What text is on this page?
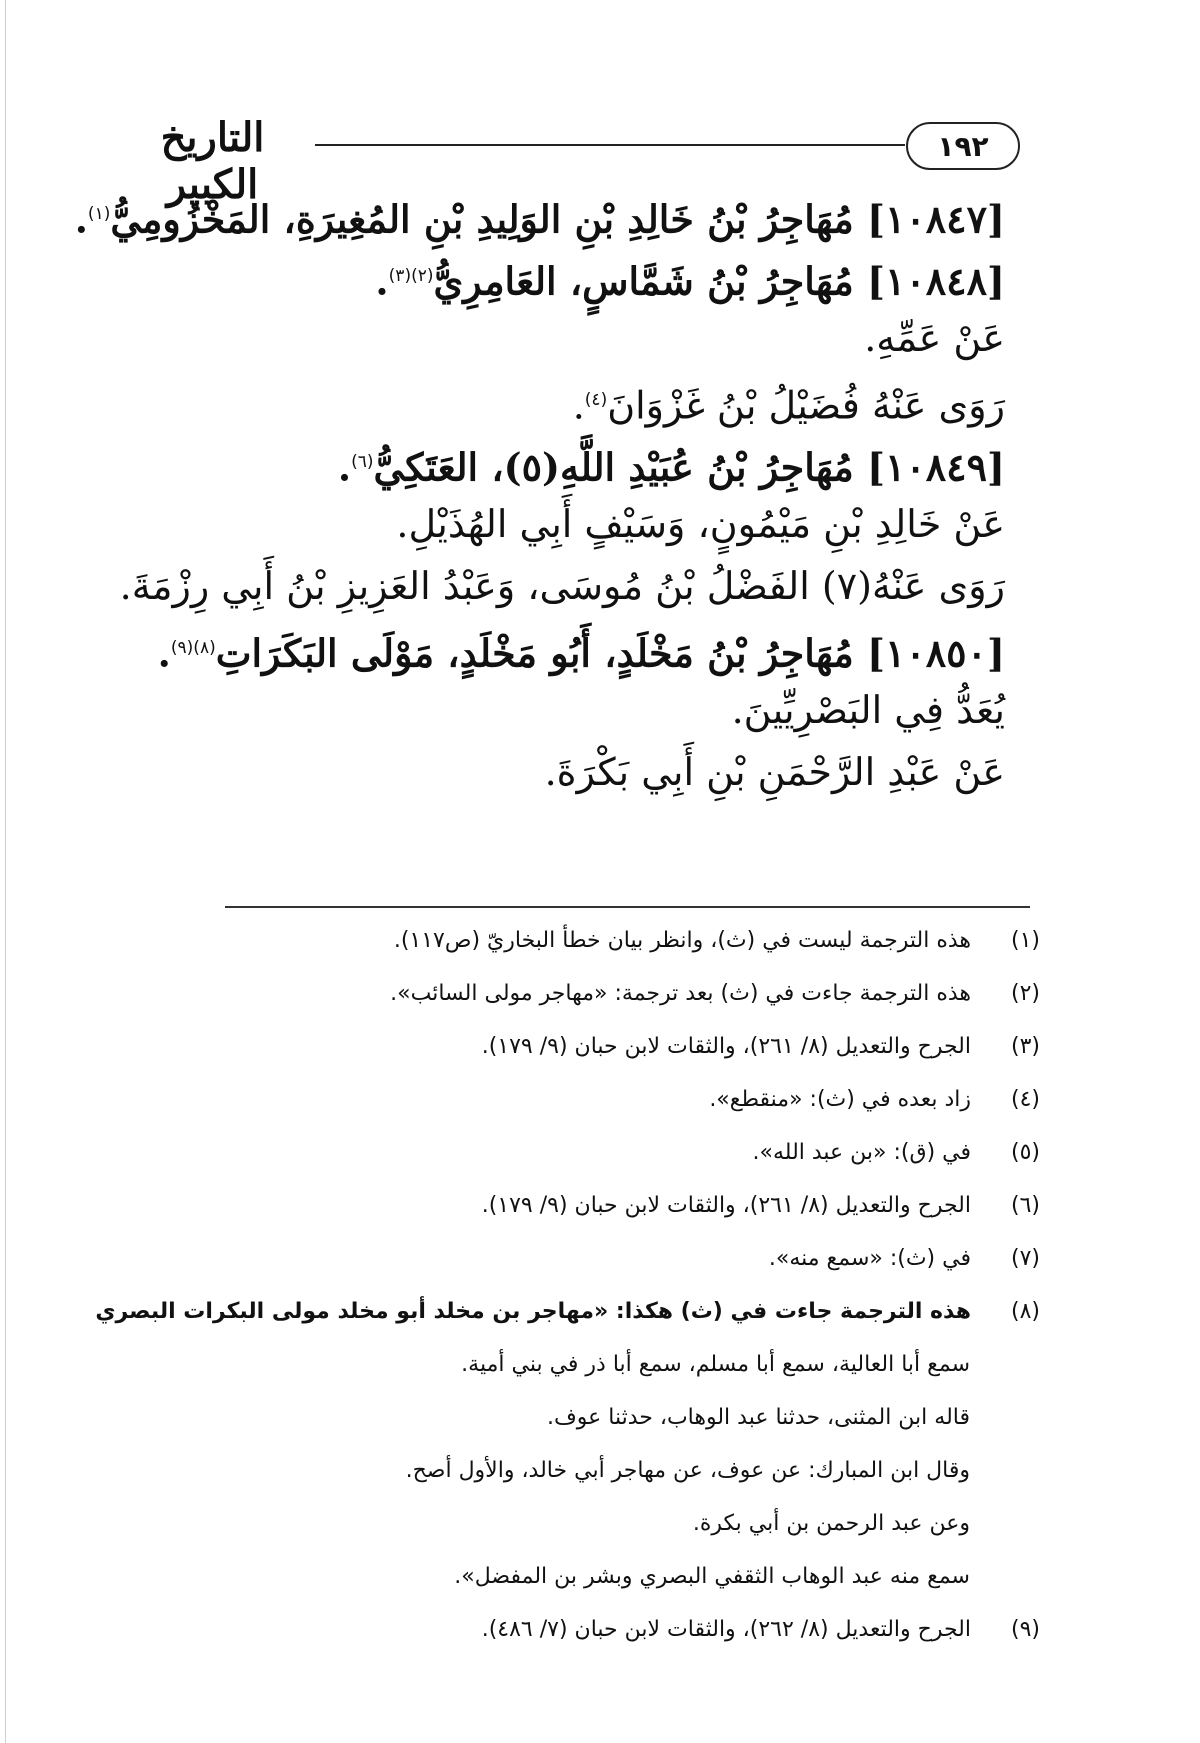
١٩٢
التاريخ الكبير
[١٠٨٤٧] مُهَاجِرُ بْنُ خَالِدِ بْنِ الوَلِيدِ بْنِ المُغِيرَةِ، المَخْزُومِيُّ$^{(١)}$.
[١٠٨٤٨] مُهَاجِرُ بْنُ شَمَّاسٍ، العَامِرِيُّ$^{(٢)(٣)}$.
عَنْ عَمِّهِ.
رَوَى عَنْهُ فُضَيْلُ بْنُ غَزْوَانَ$^{(٤)}$.
[١٠٨٤٩] مُهَاجِرُ بْنُ عُبَيْدِ اللَّهِ(٥)، العَتَكِيُّ$^{(٦)}$.
عَنْ خَالِدِ بْنِ مَيْمُونٍ، وَسَيْفٍ أَبِي الهُذَيْلِ.
رَوَى عَنْهُ(٧) الفَضْلُ بْنُ مُوسَى، وَعَبْدُ العَزِيزِ بْنُ أَبِي رِزْمَةَ.
[١٠٨٥٠] مُهَاجِرُ بْنُ مَخْلَدٍ، أَبُو مَخْلَدٍ، مَوْلَى البَكَرَاتِ$^{(٨)(٩)}$.
يُعَدُّ فِي البَصْرِيِّينَ.
عَنْ عَبْدِ الرَّحْمَنِ بْنِ أَبِي بَكْرَةَ.
(١) هذه الترجمة ليست في (ث)، وانظر بيان خطأ البخاريّ (ص١١٧).
(٢) هذه الترجمة جاءت في (ث) بعد ترجمة: «مهاجر مولى السائب».
(٣) الجرح والتعديل (٨/ ٢٦١)، والثقات لابن حبان (٩/ ١٧٩).
(٤) زاد بعده في (ث): «منقطع».
(٥) في (ق): «بن عبد الله».
(٦) الجرح والتعديل (٨/ ٢٦١)، والثقات لابن حبان (٩/ ١٧٩).
(٧) في (ث): «سمع منه».
(٨) هذه الترجمة جاءت في (ث) هكذا: «مهاجر بن مخلد أبو مخلد مولى البكرات البصري
سمع أبا العالية، سمع أبا مسلم، سمع أبا ذر في بني أمية.
قاله ابن المثنى، حدثنا عبد الوهاب، حدثنا عوف.
وقال ابن المبارك: عن عوف، عن مهاجر أبي خالد، والأول أصح.
وعن عبد الرحمن بن أبي بكرة.
سمع منه عبد الوهاب الثقفي البصري وبشر بن المفضل».
(٩) الجرح والتعديل (٨/ ٢٦٢)، والثقات لابن حبان (٧/ ٤٨٦).
